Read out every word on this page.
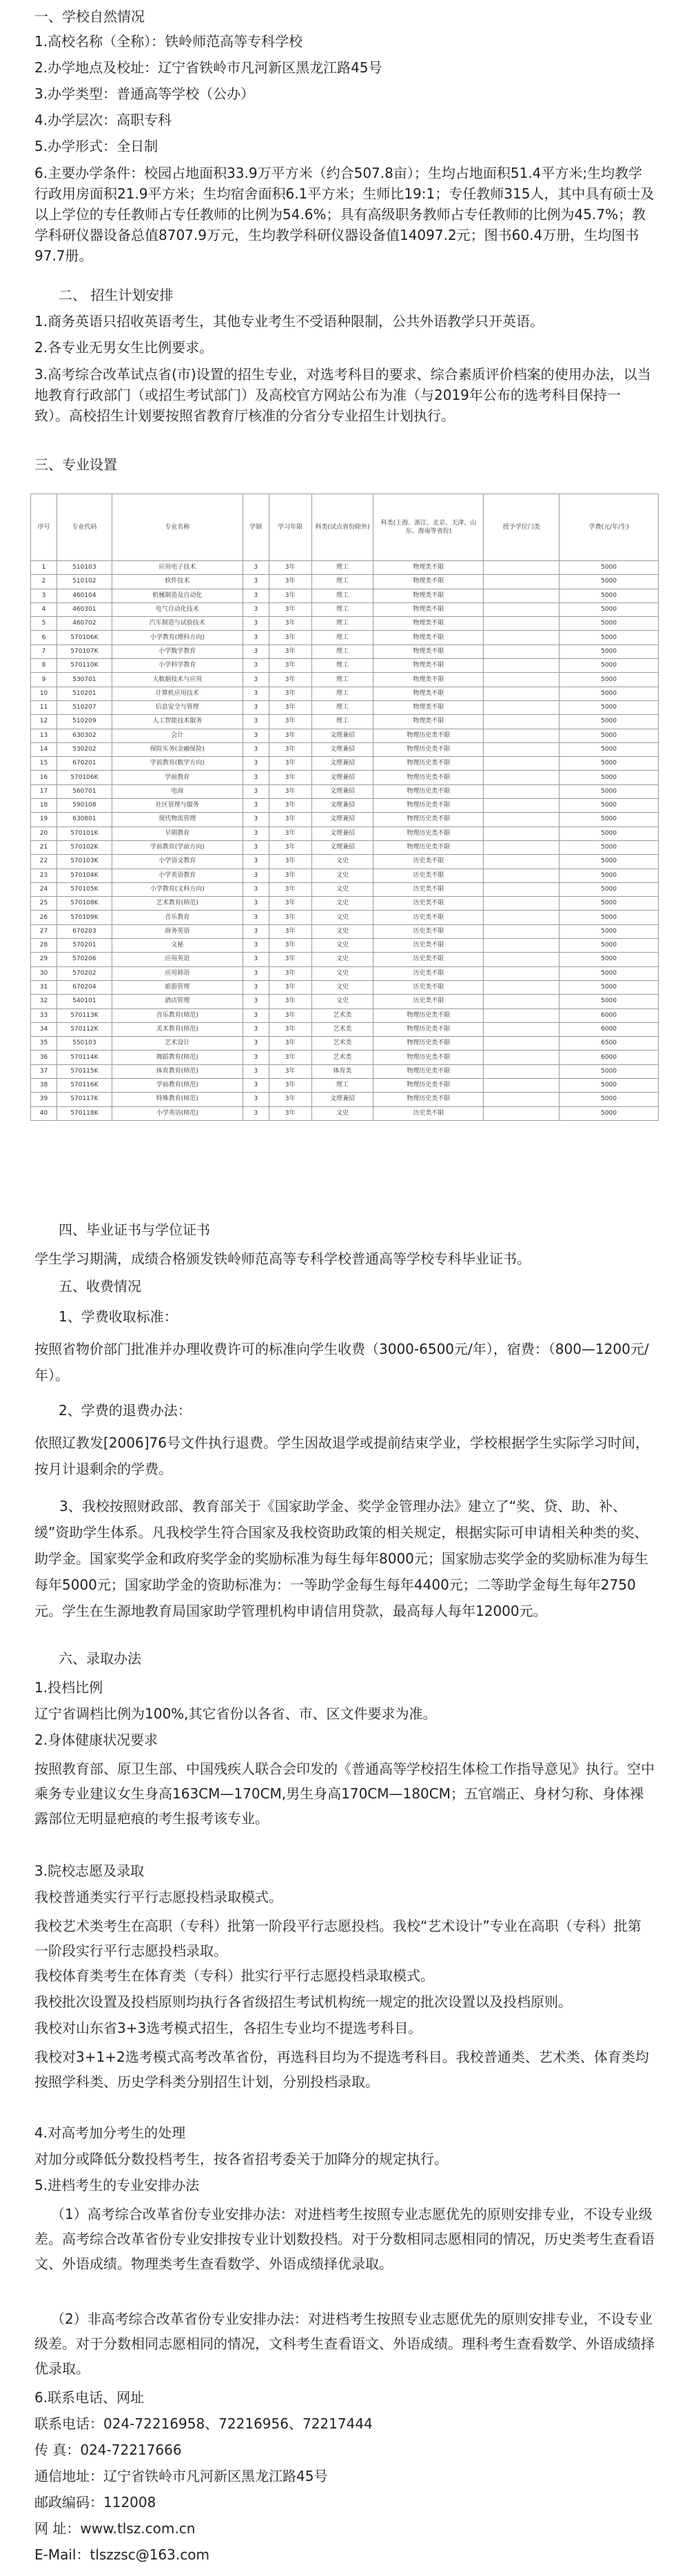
一、学校自然情况
1.高校名称（全称）：铁岭师范高等专科学校
2.办学地点及校址：辽宁省铁岭市凡河新区黑龙江路45号
3.办学类型：普通高等学校（公办）
4.办学层次：高职专科
5.办学形式：全日制
6.主要办学条件：校园占地面积33.9万平方米（约合507.8亩）；生均占地面积51.4平方米;生均教学行政用房面积21.9平方米；生均宿舍面积6.1平方米；生师比19:1；专任教师315人，其中具有硕士及以上学位的专任教师占专任教师的比例为54.6%；具有高级职务教师占专任教师的比例为45.7%；教学科研仪器设备总值8707.9万元，生均教学科研仪器设备值14097.2元；图书60.4万册，生均图书97.7册。
二、 招生计划安排
1.商务英语只招收英语考生，其他专业考生不受语种限制，公共外语教学只开英语。
2.各专业无男女生比例要求。
3.高考综合改革试点省(市)设置的招生专业，对选考科目的要求、综合素质评价档案的使用办法，以当地教育行政部门（或招生考试部门）及高校官方网站公布为准（与2019年公布的选考科目保持一致）。高校招生计划要按照省教育厅核准的分省分专业招生计划执行。
三、专业设置
序号	专业代码	专业名称	学制	学习年限	科类(试点省份除外)	科类(上海、浙江、北京、天津、山东、海南等省份)	授予学位门类	学费(元/年/生)
1	510103	应用电子技术	3	3年	理工	物理类不限		5000
2	510102	软件技术	3	3年	理工	物理类不限		5000
3	460104	机械制造及自动化	3	3年	理工	物理类不限		5000
4	460301	电气自动化技术	3	3年	理工	物理类不限		5000
5	460702	汽车制造与试验技术	3	3年	理工	物理类不限		5000
6	570106K	小学教育(理科方向)	3	3年	理工	物理类不限		5000
7	570107K	小学数学教育	3	3年	理工	物理类不限		5000
8	570110K	小学科学教育	3	3年	理工	物理类不限		5000
9	530701	大数据技术与应用	3	3年	理工	物理类不限		5000
10	510201	计算机应用技术	3	3年	理工	物理类不限		5000
11	510207	信息安全与管理	3	3年	理工	物理类不限		5000
12	510209	人工智能技术服务	3	3年	理工	物理类不限		5000
13	630302	会计	3	3年	文理兼招	物理历史类不限		5000
14	530202	保险实务(金融保险)	3	3年	文理兼招	物理历史类不限		5000
15	670201	学前教育(数学方向)	3	3年	文理兼招	物理历史类不限		5000
16	570106K	学前教育	3	3年	文理兼招	物理历史类不限		5000
17	560701	电商	3	3年	文理兼招	物理历史类不限		5000
18	590108	社区管理与服务	3	3年	文理兼招	物理历史类不限		5000
19	630801	现代物流管理	3	3年	文理兼招	物理历史类不限		5000
20	570101K	早期教育	3	3年	文理兼招	物理历史类不限		5000
21	570102K	学前教育(学前方向)	3	3年	文理兼招	物理历史类不限		5000
22	570103K	小学语文教育	3	3年	文史	历史类不限		5000
23	570104K	小学英语教育	3	3年	文史	历史类不限		5000
24	570105K	小学教育(文科方向)	3	3年	文史	历史类不限		5000
25	570108K	艺术教育(师范)	3	3年	文史	历史类不限		5000
26	570109K	音乐教育	3	3年	文史	历史类不限		5000
27	670203	商务英语	3	3年	文史	历史类不限		5000
28	570201	文秘	3	3年	文史	历史类不限		5000
29	570206	应用英语	3	3年	文史	历史类不限		5000
30	570202	应用韩语	3	3年	文史	历史类不限		5000
31	670204	旅游管理	3	3年	文史	历史类不限		5000
32	540101	酒店管理	3	3年	文史	历史类不限		5000
33	570113K	音乐教育(师范)	3	3年	艺术类	物理历史类不限		6000
34	570112K	美术教育(师范)	3	3年	艺术类	物理历史类不限		6000
35	550103	艺术设计	3	3年	艺术类	物理历史类不限		6500
36	570114K	舞蹈教育(师范)	3	3年	艺术类	物理历史类不限		6000
37	570115K	体育教育(师范)	3	3年	体育类	物理历史类不限		5000
38	570116K	学前教育(师范)	3	3年	理工	物理历史类不限		5000
39	570117K	特殊教育(师范)	3	3年	文理兼招	物理历史类不限		5000
40	570118K	小学英语(师范)	3	3年	文史	历史类不限		5000
四、毕业证书与学位证书
学生学习期满，成绩合格颁发铁岭师范高等专科学校普通高等学校专科毕业证书。
五、收费情况
1、学费收取标准：
按照省物价部门批准并办理收费许可的标准向学生收费（3000-6500元/年），宿费：（800—1200元/年）。
2、学费的退费办法：
依照辽教发[2006]76号文件执行退费。学生因故退学或提前结束学业，学校根据学生实际学习时间，按月计退剩余的学费。
3、我校按照财政部、教育部关于《国家助学金、奖学金管理办法》建立了“奖、贷、助、补、缓”资助学生体系。凡我校学生符合国家及我校资助政策的相关规定，根据实际可申请相关种类的奖、助学金。国家奖学金和政府奖学金的奖励标准为每生每年8000元；国家励志奖学金的奖励标准为每生每年5000元；国家助学金的资助标准为：一等助学金每生每年4400元；二等助学金每生每年2750元。学生在生源地教育局国家助学管理机构申请信用贷款，最高每人每年12000元。
六、录取办法
1.投档比例
辽宁省调档比例为100%,其它省份以各省、市、区文件要求为准。
2.身体健康状况要求
按照教育部、原卫生部、中国残疾人联合会印发的《普通高等学校招生体检工作指导意见》执行。空中乘务专业建议女生身高163CM—170CM,男生身高170CM—180CM；五官端正、身材匀称、身体裸露部位无明显疤痕的考生报考该专业。
3.院校志愿及录取
我校普通类实行平行志愿投档录取模式。
我校艺术类考生在高职（专科）批第一阶段平行志愿投档。我校“艺术设计”专业在高职（专科）批第一阶段实行平行志愿投档录取。
我校体育类考生在体育类（专科）批实行平行志愿投档录取模式。
我校批次设置及投档原则均执行各省级招生考试机构统一规定的批次设置以及投档原则。
我校对山东省3+3选考模式招生，各招生专业均不提选考科目。
我校对3+1+2选考模式高考改革省份，再选科目均为不提选考科目。我校普通类、艺术类、体育类均按照学科类、历史学科类分别招生计划，分别投档录取。
4.对高考加分考生的处理
对加分或降低分数投档考生，按各省招考委关于加降分的规定执行。
5.进档考生的专业安排办法
（1）高考综合改革省份专业安排办法：对进档考生按照专业志愿优先的原则安排专业，不设专业级差。高考综合改革省份专业安排按专业计划数投档。对于分数相同志愿相同的情况，历史类考生查看语文、外语成绩。物理类考生查看数学、外语成绩择优录取。
（2）非高考综合改革省份专业安排办法：对进档考生按照专业志愿优先的原则安排专业，不设专业级差。对于分数相同志愿相同的情况，文科考生查看语文、外语成绩。理科考生查看数学、外语成绩择优录取。
6.联系电话、网址
联系电话：024-72216958、72216956、72217444
传 真：024-72217666
通信地址：辽宁省铁岭市凡河新区黑龙江路45号
邮政编码：112008
网 址：www.tlsz.com.cn
E-Mail：tlszzsc@163.com
